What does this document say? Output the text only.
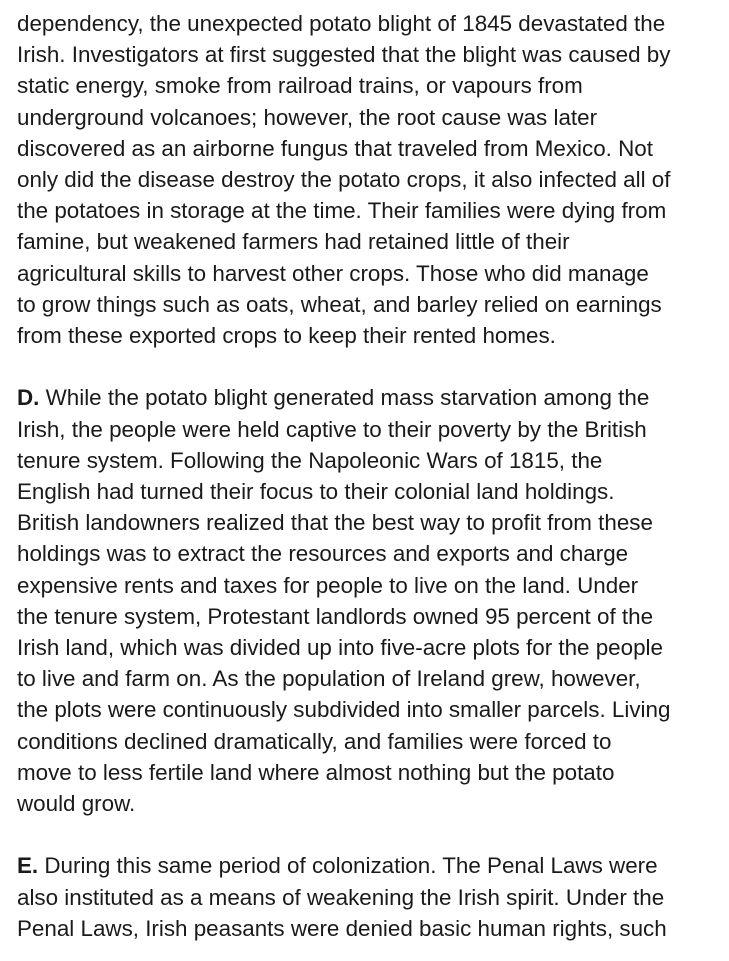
dependency, the unexpected potato blight of 1845 devastated the
Irish. Investigators at first suggested that the blight was caused by
static energy, smoke from railroad trains, or vapours from
underground volcanoes; however, the root cause was later
discovered as an airborne fungus that traveled from Mexico. Not
only did the disease destroy the potato crops, it also infected all of
the potatoes in storage at the time. Their families were dying from
famine, but weakened farmers had retained little of their
agricultural skills to harvest other crops. Those who did manage
to grow things such as oats, wheat, and barley relied on earnings
from these exported crops to keep their rented homes.

D. While the potato blight generated mass starvation among the
Irish, the people were held captive to their poverty by the British
tenure system. Following the Napoleonic Wars of 1815, the
English had turned their focus to their colonial land holdings.
British landowners realized that the best way to profit from these
holdings was to extract the resources and exports and charge
expensive rents and taxes for people to live on the land. Under
the tenure system, Protestant landlords owned 95 percent of the
Irish land, which was divided up into five-acre plots for the people
to live and farm on. As the population of Ireland grew, however,
the plots were continuously subdivided into smaller parcels. Living
conditions declined dramatically, and families were forced to
move to less fertile land where almost nothing but the potato
would grow.

E. During this same period of colonization. The Penal Laws were
also instituted as a means of weakening the Irish spirit. Under the
Penal Laws, Irish peasants were denied basic human rights, such
